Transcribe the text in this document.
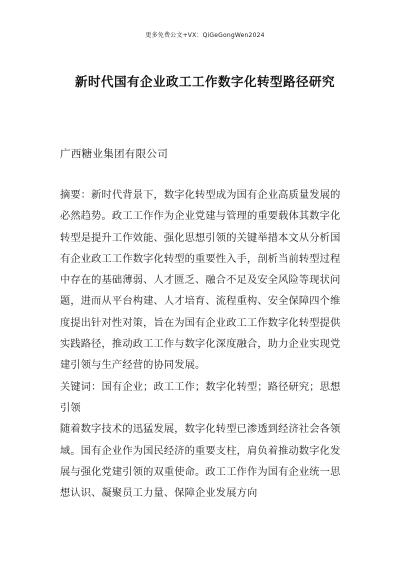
更多免费公文+VX：QiGeGongWen2024
新时代国有企业政工工作数字化转型路径研究
广西糖业集团有限公司

摘要：新时代背景下，数字化转型成为国有企业高质量发展的必然趋势。政工工作作为企业党建与管理的重要载体其数字化转型是提升工作效能、强化思想引领的关键举措本文从分析国有企业政工工作数字化转型的重要性入手，剖析当前转型过程中存在的基础薄弱、人才匮乏、融合不足及安全风险等现状问题，进而从平台构建、人才培育、流程重构、安全保障四个维度提出针对性对策，旨在为国有企业政工工作数字化转型提供实践路径，推动政工工作与数字化深度融合，助力企业实现党建引领与生产经营的协同发展。

关键词：国有企业；政工工作；数字化转型；路径研究；思想引领

随着数字技术的迅猛发展，数字化转型已渗透到经济社会各领域。国有企业作为国民经济的重要支柱，肩负着推动数字化发展与强化党建引领的双重使命。政工工作作为国有企业统一思想认识、凝聚员工力量、保障企业发展方向
